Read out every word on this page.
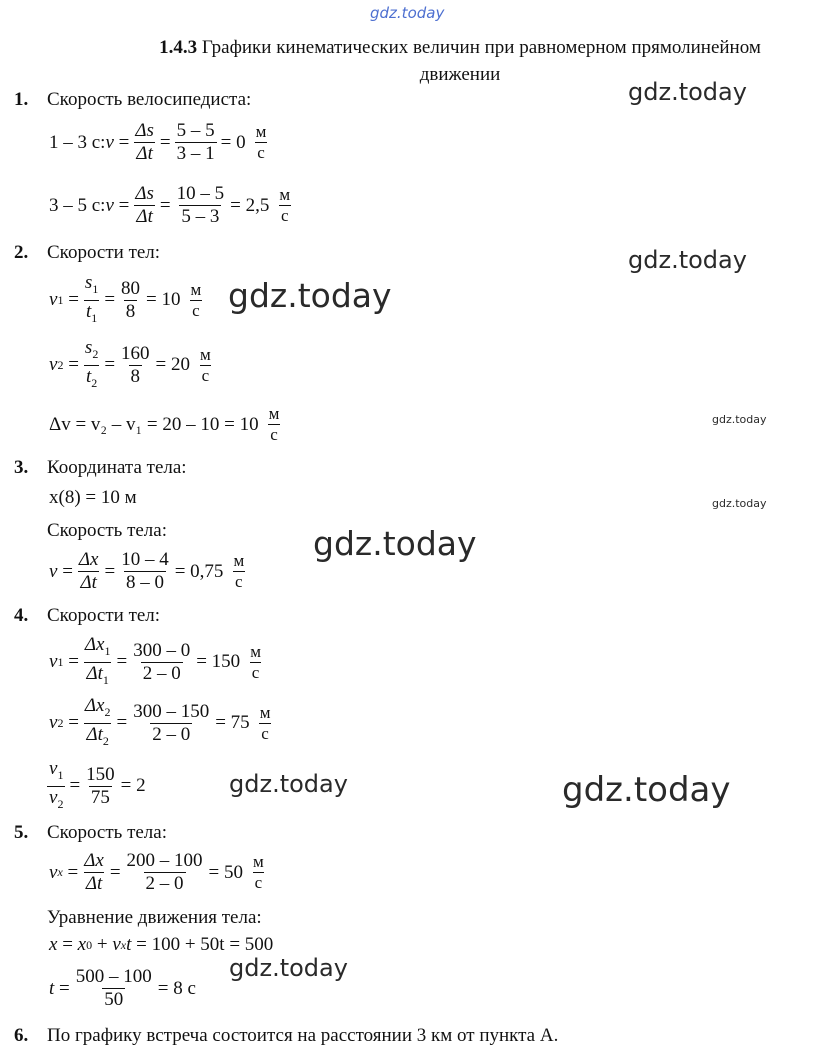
gdz.today
gdz.today
gdz.today
gdz.today
gdz.today
gdz.today
gdz.today
gdz.today	gdz.today
gdz.today
1.4.3 Графики кинематических величин при равномерном прямолинейном
движении
1. Скорость велосипедиста:
1 – 3 с: $v = \frac{\Delta s}{\Delta t} = \frac{5 - 5}{3 - 1} = 0$ м
с
3 – 5 с: $v = \frac{\Delta s}{\Delta t} = \frac{10 - 5}{5 - 3} = 2,5$ м
с
2. Скорости тел:
v $1 = \frac{s_1}{t_1} = \frac{80}{8} = 10$ м
с
v $2 = \frac{s_2}{t_2} = \frac{160}{8} = 20$ м
с
Δv = v₂ – v₁ = 20 – 10 = 10 м
с
3. Координата тела:
x(8) = 10 м
Скорость тела:
$v = \frac{\Delta x}{\Delta t} = \frac{10 - 4}{8 - 0} = 0,75$ м
с
4. Скорости тел:
v $1 = \frac{\Delta x_1}{\Delta t_1} = \frac{300 - 0}{2 - 0} = 150$ м
с
v $2 = \frac{\Delta x_2}{\Delta t_2} = \frac{300 - 150}{2 - 0} = 75$ м
с
$\frac{v_1}{v_2} = \frac{150}{75} = 2$
5. Скорость тела:
v $x = \frac{\Delta x}{\Delta t} = \frac{200 - 100}{2 - 0} = 50$ м
с
Уравнение движения тела:
x = x 0 + v x t
= 100 + 50t = 500
$t = \frac{500 - 100}{50} = 8$ с
6. По графику встреча состоится на расстоянии 3 км от пункта А.
